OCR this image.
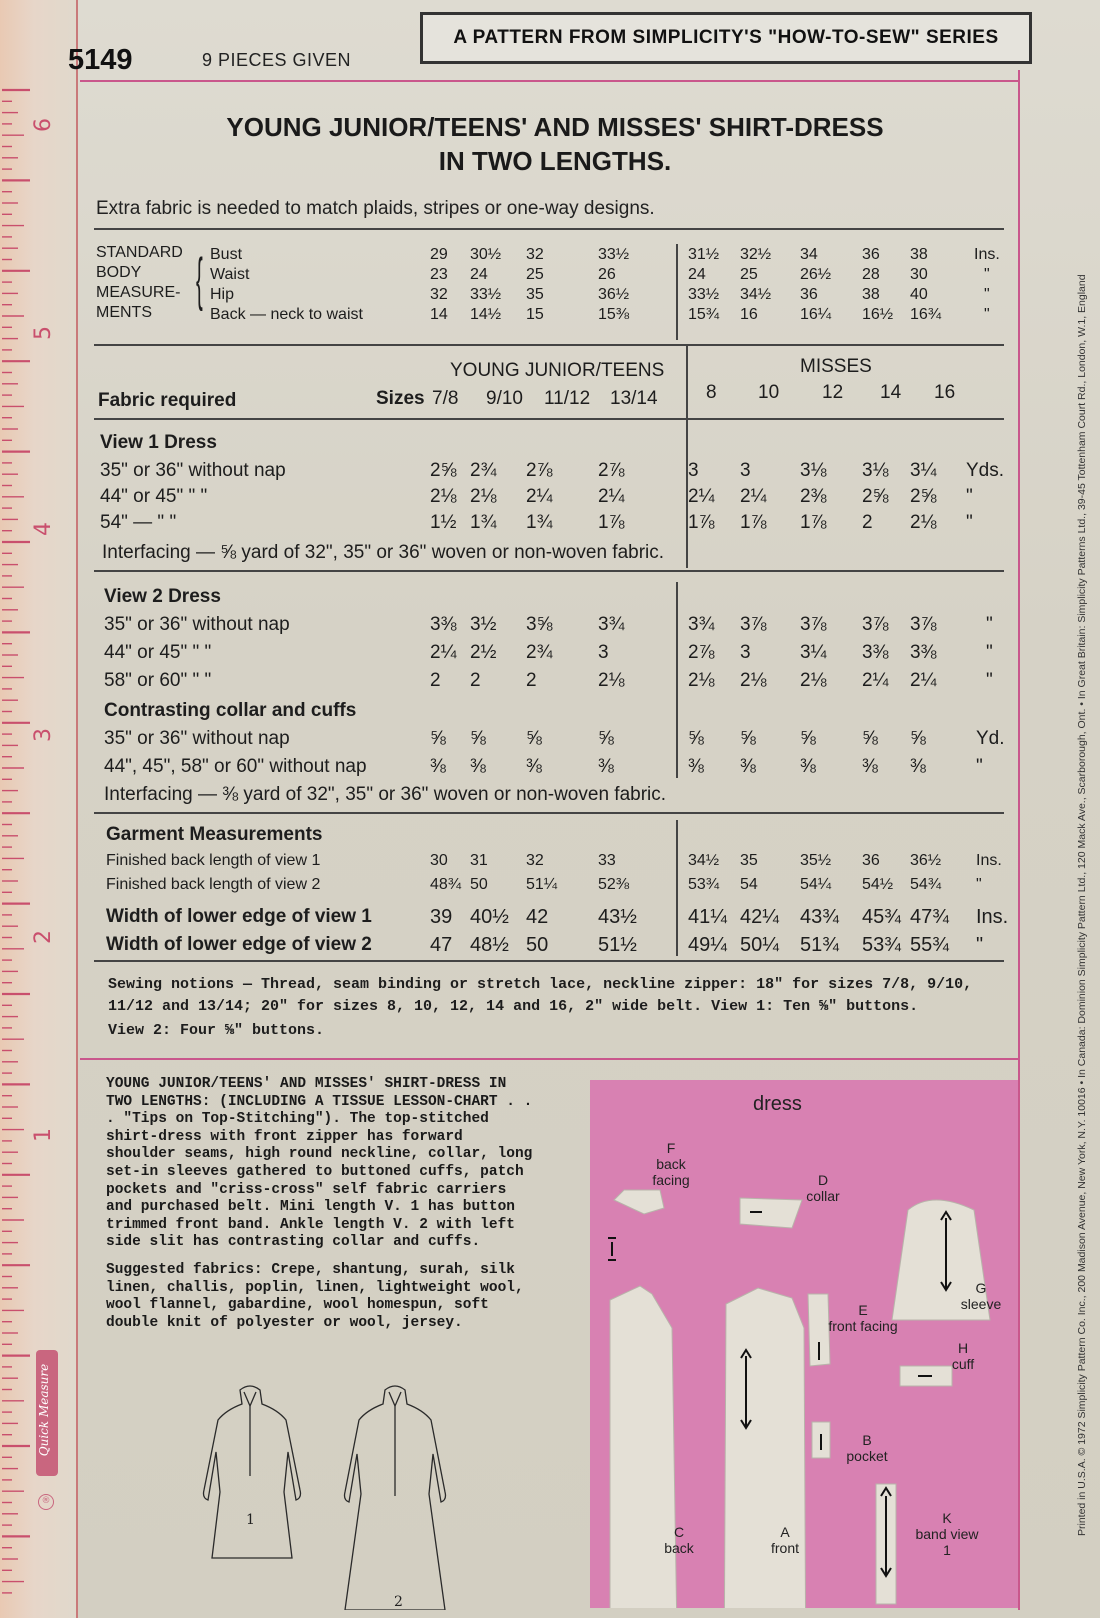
6
5
4
3
2
1
Quick Measure
®
5149	9 PIECES GIVEN
A PATTERN FROM SIMPLICITY'S "HOW-TO-SEW" SERIES
YOUNG JUNIOR/TEENS' AND MISSES' SHIRT-DRESS
IN TWO LENGTHS.
Extra fabric is needed to match plaids, stripes or one-way designs.
STANDARD
BODY
MEASURE-
MENTS
{ Bust	29 30½ 32	33½	31½ 32½ 34	36 38	Ins.
Waist	23 24 25	26	24 25	26½ 28 30	"
Hip	32 33½ 35	36½	33½ 34½ 36	38 40	"
Back — neck to waist	14 14½ 15	15⅜	15¾ 16	16¼ 16½ 16¾	"
YOUNG JUNIOR/TEENS	MISSES
Fabric required	Sizes 7/8 9/10 11/12 13/14	8 10 12 14 16
View 1 Dress
35" or 36" without nap	2⅝ 2¾ 2⅞ 2⅞	3 3	3⅛ 3⅛ 3¼ Yds.
44" or 45" " "	2⅛ 2⅛ 2¼ 2¼	2¼ 2¼ 2⅜ 2⅝ 2⅝ "
54" — " "	1½ 1¾ 1¾ 1⅞	1⅞ 1⅞ 1⅞ 2 2⅛ "
Interfacing — ⅝ yard of 32", 35" or 36" woven or non-woven fabric.
View 2 Dress
35" or 36" without nap	3⅜ 3½ 3⅝ 3¾	3¾ 3⅞ 3⅞ 3⅞ 3⅞	"
44" or 45" " "	2¼ 2½ 2¾ 3	2⅞ 3	3¼ 3⅜ 3⅜	"
58" or 60" " "	2 2 2	2⅛	2⅛ 2⅛ 2⅛ 2¼ 2¼	"
Contrasting collar and cuffs
35" or 36" without nap	⅝ ⅝ ⅝	⅝	⅝ ⅝ ⅝ ⅝ ⅝	Yd.
44", 45", 58" or 60" without nap	⅜ ⅜ ⅜	⅜	⅜ ⅜ ⅜ ⅜ ⅜	"
Interfacing — ⅜ yard of 32", 35" or 36" woven or non-woven fabric.
Garment Measurements
Finished back length of view 1	30 31 32	33	34½ 35	35½ 36 36½ Ins.
Finished back length of view 2	48¾ 50 51¼	52⅜	53¾ 54	54¼ 54½ 54¾ "
Width of lower edge of view 1	39 40½ 42 43½	41¼ 42¼ 43¾ 45¾ 47¾ Ins.
Width of lower edge of view 2	47 48½ 50 51½	49¼ 50¼ 51¾ 53¾ 55¾ "
Sewing notions — Thread, seam binding or stretch lace, neckline zipper: 18" for sizes 7/8, 9/10,
11/12 and 13/14; 20" for sizes 8, 10, 12, 14 and 16, 2" wide belt. View 1: Ten ⅝" buttons.
View 2: Four ⅝" buttons.

YOUNG JUNIOR/TEENS' AND MISSES' SHIRT-DRESS IN TWO LENGTHS: (INCLUDING A TISSUE LESSON-CHART . . . "Tips on Top-Stitching"). The top-stitched shirt-dress with front zipper has forward shoulder seams, high round neckline, collar, long set-in sleeves gathered to buttoned cuffs, patch pockets and "criss-cross" self fabric carriers and purchased belt. Mini length V. 1 has button trimmed front band. Ankle length V. 2 with left side slit has contrasting collar and cuffs.

Suggested fabrics: Crepe, shantung, surah, silk linen, challis, poplin, linen, lightweight wool, wool flannel, gabardine, wool homespun, soft double knit of polyester or wool, jersey.

1
2
dress
F
back facing	D
collar
G
sleeve
E
front facing
H
cuff
B
pocket
C
back
A
front
K
band view 1
Printed in U.S.A. © 1972 Simplicity Pattern Co. Inc., 200 Madison Avenue, New York, N.Y. 10016 • In Canada: Dominion Simplicity Pattern Ltd., 120 Mack Ave., Scarborough, Ont. • In Great Britain: Simplicity Patterns Ltd., 39-45 Tottenham Court Rd., London, W.1, England
